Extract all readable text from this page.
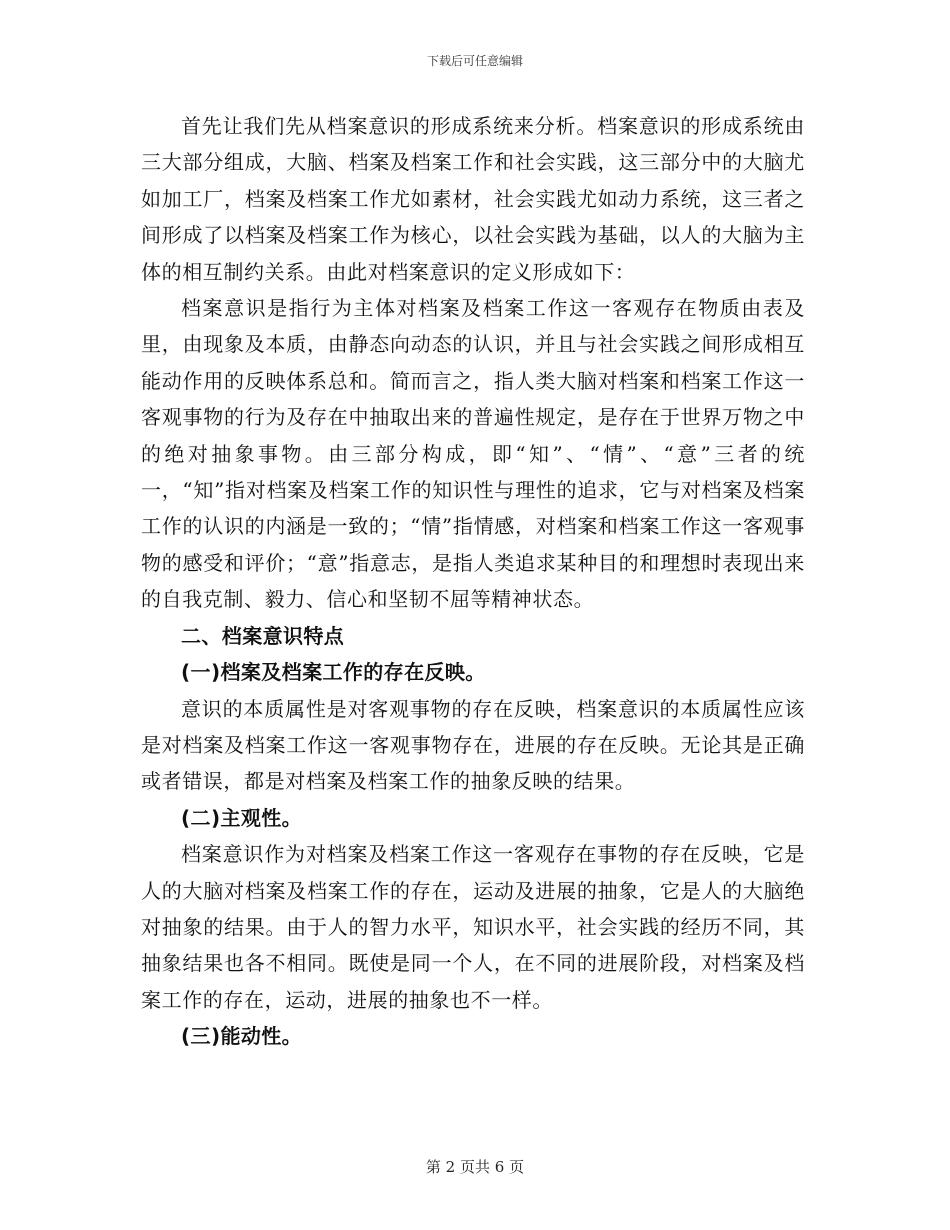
下载后可任意编辑

首先让我们先从档案意识的形成系统来分析。档案意识的形成系统由三大部分组成，大脑、档案及档案工作和社会实践，这三部分中的大脑尤如加工厂，档案及档案工作尤如素材，社会实践尤如动力系统，这三者之间形成了以档案及档案工作为核心，以社会实践为基础，以人的大脑为主体的相互制约关系。由此对档案意识的定义形成如下：

档案意识是指行为主体对档案及档案工作这一客观存在物质由表及里，由现象及本质，由静态向动态的认识，并且与社会实践之间形成相互能动作用的反映体系总和。简而言之，指人类大脑对档案和档案工作这一客观事物的行为及存在中抽取出来的普遍性规定，是存在于世界万物之中的绝对抽象事物。由三部分构成，即“知”、“情”、“意”三者的统一，“知”指对档案及档案工作的知识性与理性的追求，它与对档案及档案工作的认识的内涵是一致的；“情”指情感，对档案和档案工作这一客观事物的感受和评价；“意”指意志，是指人类追求某种目的和理想时表现出来的自我克制、毅力、信心和坚韧不屈等精神状态。

二、档案意识特点

(一)档案及档案工作的存在反映。

意识的本质属性是对客观事物的存在反映，档案意识的本质属性应该是对档案及档案工作这一客观事物存在，进展的存在反映。无论其是正确或者错误，都是对档案及档案工作的抽象反映的结果。

(二)主观性。

档案意识作为对档案及档案工作这一客观存在事物的存在反映，它是人的大脑对档案及档案工作的存在，运动及进展的抽象，它是人的大脑绝对抽象的结果。由于人的智力水平，知识水平，社会实践的经历不同，其抽象结果也各不相同。既使是同一个人，在不同的进展阶段，对档案及档案工作的存在，运动，进展的抽象也不一样。

(三)能动性。

第 2 页共 6 页
